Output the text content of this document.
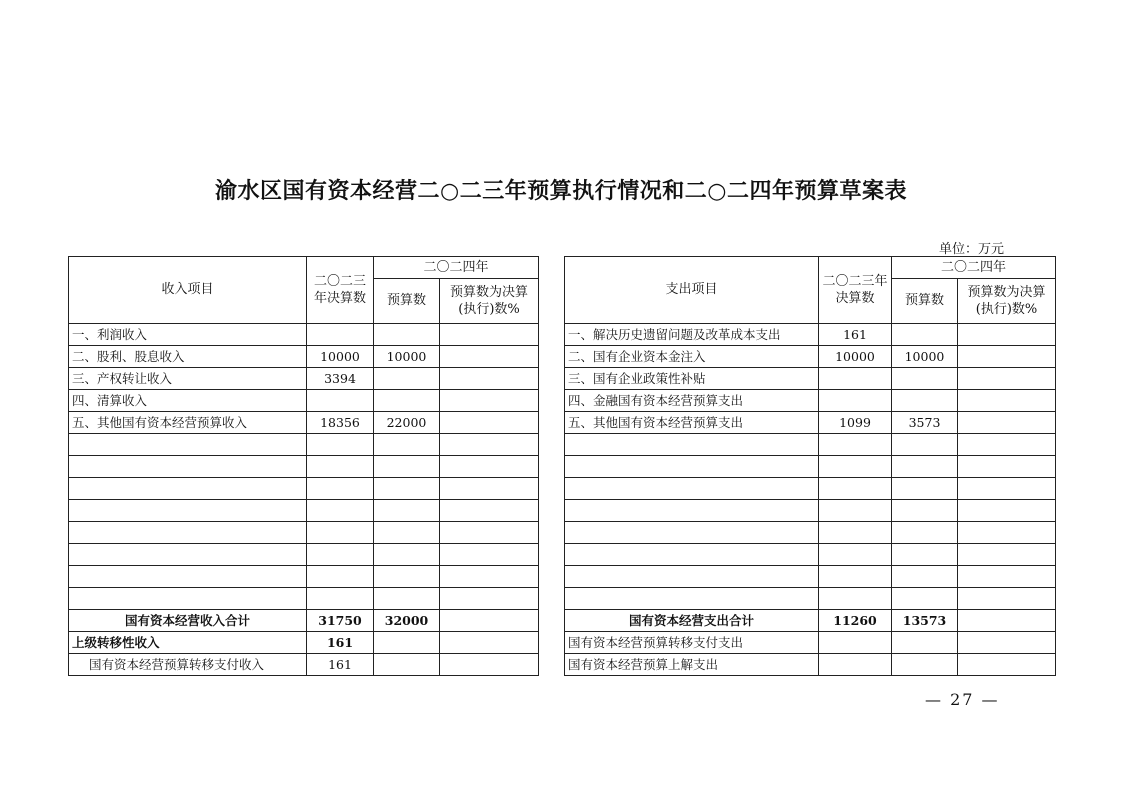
渝水区国有资本经营二○二三年预算执行情况和二○二四年预算草案表
单位：万元
收入项目	二〇二三年决算数	二〇二四年	
		预算数	预算数为决算(执行)数%
一、利润收入			
二、股利、股息收入	10000	10000	
三、产权转让收入	3394		
四、清算收入			
五、其他国有资本经营预算收入	18356	22000	

国有资本经营收入合计	31750	32000	
上级转移性收入	161		
国有资本经营预算转移支付收入	161		
支出项目	二〇二三年决算数	二〇二四年	
		预算数	预算数为决算(执行)数%
一、解决历史遗留问题及改革成本支出	161		
二、国有企业资本金注入	10000	10000	
三、国有企业政策性补贴			
四、金融国有资本经营预算支出			
五、其他国有资本经营预算支出	1099	3573	

国有资本经营支出合计	11260	13573	
国有资本经营预算转移支付支出			
国有资本经营预算上解支出			
— 27 —
